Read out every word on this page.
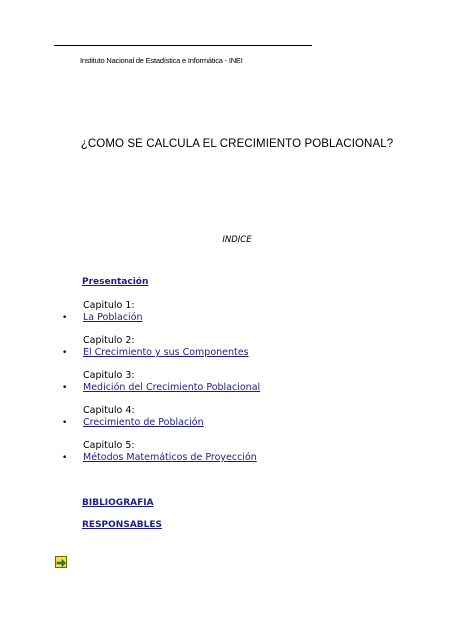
Instituto Nacional de Estadística e Informática - INEI
¿COMO SE CALCULA EL CRECIMIENTO POBLACIONAL?
INDICE
Presentación
Capitulo 1:
•	La Población
Capitulo 2:
•	El Crecimiento y sus Componentes
Capitulo 3:
•	Medición del Crecimiento Poblacional
Capitulo 4:
•	Crecimiento de Población
Capitulo 5:
•	Métodos Matemáticos de Proyección
BIBLIOGRAFIA
RESPONSABLES
